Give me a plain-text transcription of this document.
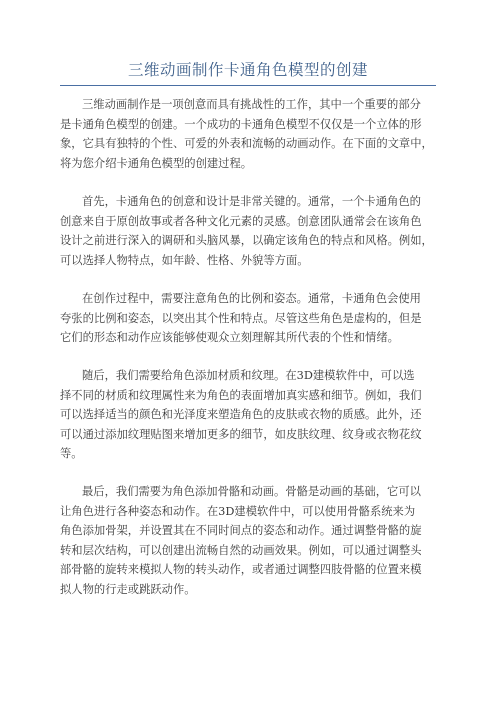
三维动画制作卡通角色模型的创建

三维动画制作是一项创意而具有挑战性的工作，其中一个重要的部分
是卡通角色模型的创建。一个成功的卡通角色模型不仅仅是一个立体的形
象，它具有独特的个性、可爱的外表和流畅的动画动作。在下面的文章中，
将为您介绍卡通角色模型的创建过程。

首先，卡通角色的创意和设计是非常关键的。通常，一个卡通角色的
创意来自于原创故事或者各种文化元素的灵感。创意团队通常会在该角色
设计之前进行深入的调研和头脑风暴，以确定该角色的特点和风格。例如，
可以选择人物特点，如年龄、性格、外貌等方面。

在创作过程中，需要注意角色的比例和姿态。通常，卡通角色会使用
夸张的比例和姿态，以突出其个性和特点。尽管这些角色是虚构的，但是
它们的形态和动作应该能够使观众立刻理解其所代表的个性和情绪。

随后，我们需要给角色添加材质和纹理。在3D建模软件中，可以选
择不同的材质和纹理属性来为角色的表面增加真实感和细节。例如，我们
可以选择适当的颜色和光泽度来塑造角色的皮肤或衣物的质感。此外，还
可以通过添加纹理贴图来增加更多的细节，如皮肤纹理、纹身或衣物花纹
等。

最后，我们需要为角色添加骨骼和动画。骨骼是动画的基础，它可以
让角色进行各种姿态和动作。在3D建模软件中，可以使用骨骼系统来为
角色添加骨架，并设置其在不同时间点的姿态和动作。通过调整骨骼的旋
转和层次结构，可以创建出流畅自然的动画效果。例如，可以通过调整头
部骨骼的旋转来模拟人物的转头动作，或者通过调整四肢骨骼的位置来模
拟人物的行走或跳跃动作。
